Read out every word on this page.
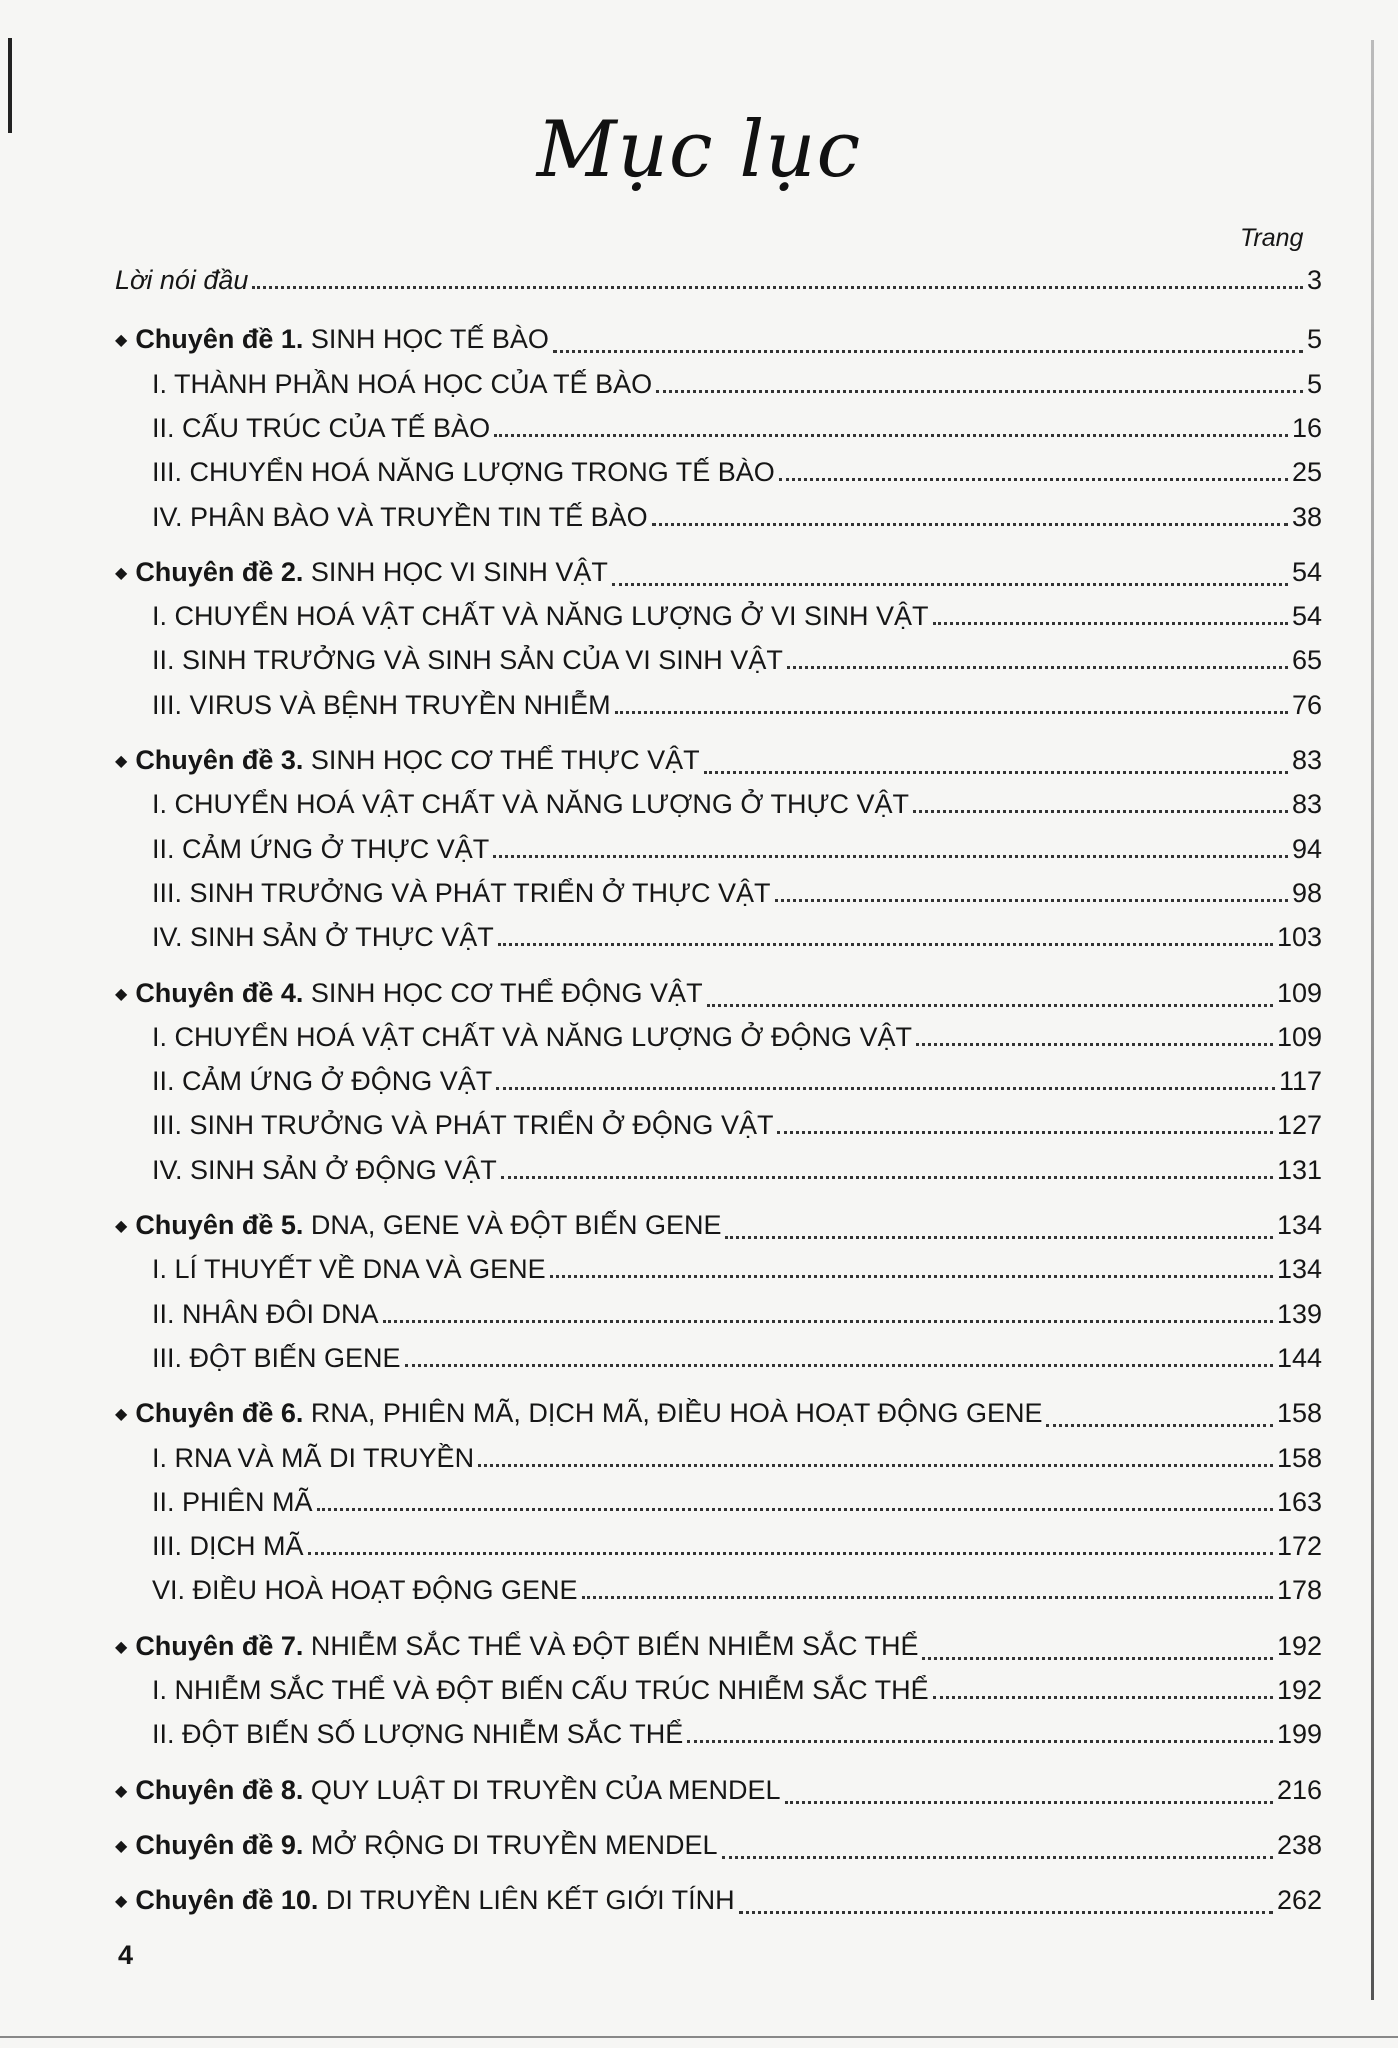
Mục lục
Trang
Lời nói đầu	3
◆ Chuyên đề 1. SINH HỌC TẾ BÀO	5
I. THÀNH PHẦN HOÁ HỌC CỦA TẾ BÀO	5
II. CẤU TRÚC CỦA TẾ BÀO	16
III. CHUYỂN HOÁ NĂNG LƯỢNG TRONG TẾ BÀO	25
IV. PHÂN BÀO VÀ TRUYỀN TIN TẾ BÀO	38
◆ Chuyên đề 2. SINH HỌC VI SINH VẬT	54
I. CHUYỂN HOÁ VẬT CHẤT VÀ NĂNG LƯỢNG Ở VI SINH VẬT	54
II. SINH TRƯỞNG VÀ SINH SẢN CỦA VI SINH VẬT	65
III. VIRUS VÀ BỆNH TRUYỀN NHIỄM	76
◆ Chuyên đề 3. SINH HỌC CƠ THỂ THỰC VẬT	83
I. CHUYỂN HOÁ VẬT CHẤT VÀ NĂNG LƯỢNG Ở THỰC VẬT	83
II. CẢM ỨNG Ở THỰC VẬT	94
III. SINH TRƯỞNG VÀ PHÁT TRIỂN Ở THỰC VẬT	98
IV. SINH SẢN Ở THỰC VẬT	103
◆ Chuyên đề 4. SINH HỌC CƠ THỂ ĐỘNG VẬT	109
I. CHUYỂN HOÁ VẬT CHẤT VÀ NĂNG LƯỢNG Ở ĐỘNG VẬT	109
II. CẢM ỨNG Ở ĐỘNG VẬT	117
III. SINH TRƯỞNG VÀ PHÁT TRIỂN Ở ĐỘNG VẬT	127
IV. SINH SẢN Ở ĐỘNG VẬT	131
◆ Chuyên đề 5. DNA, GENE VÀ ĐỘT BIẾN GENE	134
I. LÍ THUYẾT VỀ DNA VÀ GENE	134
II. NHÂN ĐÔI DNA	139
III. ĐỘT BIẾN GENE	144
◆ Chuyên đề 6. RNA, PHIÊN MÃ, DỊCH MÃ, ĐIỀU HOÀ HOẠT ĐỘNG GENE	158
I. RNA VÀ MÃ DI TRUYỀN	158
II. PHIÊN MÃ	163
III. DỊCH MÃ	172
VI. ĐIỀU HOÀ HOẠT ĐỘNG GENE	178
◆ Chuyên đề 7. NHIỄM SẮC THỂ VÀ ĐỘT BIẾN NHIỄM SẮC THỂ	192
I. NHIỄM SẮC THỂ VÀ ĐỘT BIẾN CẤU TRÚC NHIỄM SẮC THỂ	192
II. ĐỘT BIẾN SỐ LƯỢNG NHIỄM SẮC THỂ	199
◆ Chuyên đề 8. QUY LUẬT DI TRUYỀN CỦA MENDEL	216
◆ Chuyên đề 9. MỞ RỘNG DI TRUYỀN MENDEL	238
◆ Chuyên đề 10. DI TRUYỀN LIÊN KẾT GIỚI TÍNH	262
4
